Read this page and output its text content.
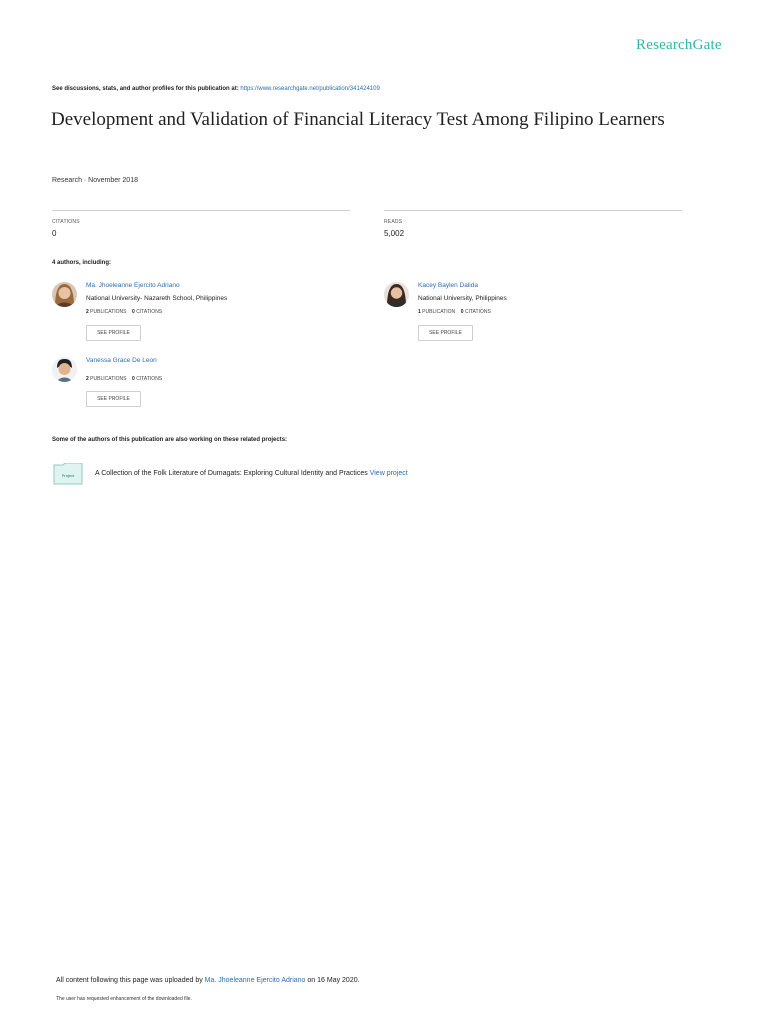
ResearchGate
See discussions, stats, and author profiles for this publication at: https://www.researchgate.net/publication/341424109
Development and Validation of Financial Literacy Test Among Filipino Learners
Research · November 2018
CITATIONS
0
READS
5,002
4 authors, including:
Ma. Jhoeleanne Ejercito Adriano
National University- Nazareth School, Philippines
2 PUBLICATIONS 0 CITATIONS
SEE PROFILE
Kacey Baylen Dalida
National University, Philippines
1 PUBLICATION 0 CITATIONS
SEE PROFILE
Vanessa Grace De Leon
2 PUBLICATIONS 0 CITATIONS
SEE PROFILE
Some of the authors of this publication are also working on these related projects:
Project	A Collection of the Folk Literature of Dumagats: Exploring Cultural Identity and Practices View project
All content following this page was uploaded by Ma. Jhoeleanne Ejercito Adriano on 16 May 2020.
The user has requested enhancement of the downloaded file.
